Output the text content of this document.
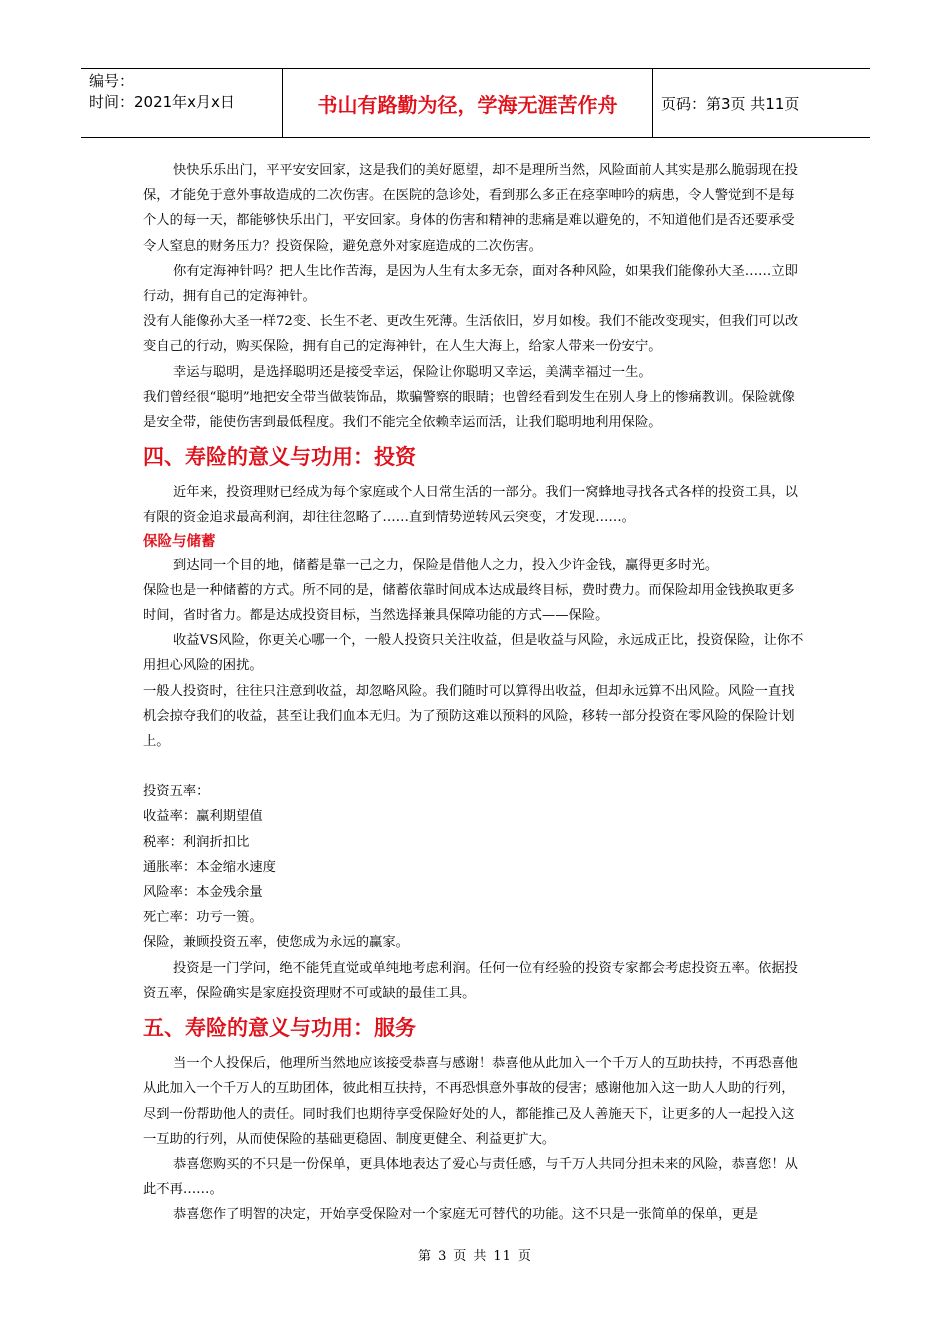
编号：
时间：2021年x月x日	书山有路勤为径，学海无涯苦作舟	页码：第3页 共11页

快快乐乐出门，平平安安回家，这是我们的美好愿望，却不是理所当然，风险面前人其实是那么脆弱现在投保，才能免于意外事故造成的二次伤害。在医院的急诊处，看到那么多正在痉挛呻吟的病患，令人警觉到不是每个人的每一天，都能够快乐出门，平安回家。身体的伤害和精神的悲痛是难以避免的，不知道他们是否还要承受令人窒息的财务压力？投资保险，避免意外对家庭造成的二次伤害。

你有定海神针吗？把人生比作苦海，是因为人生有太多无奈，面对各种风险，如果我们能像孙大圣……立即行动，拥有自己的定海神针。

没有人能像孙大圣一样72变、长生不老、更改生死薄。生活依旧，岁月如梭。我们不能改变现实，但我们可以改变自己的行动，购买保险，拥有自己的定海神针，在人生大海上，给家人带来一份安宁。

幸运与聪明，是选择聪明还是接受幸运，保险让你聪明又幸运，美满幸福过一生。

我们曾经很“聪明”地把安全带当做装饰品，欺骗警察的眼睛；也曾经看到发生在别人身上的惨痛教训。保险就像是安全带，能使伤害到最低程度。我们不能完全依赖幸运而活，让我们聪明地利用保险。

四、寿险的意义与功用：投资

近年来，投资理财已经成为每个家庭或个人日常生活的一部分。我们一窝蜂地寻找各式各样的投资工具，以有限的资金追求最高利润，却往往忽略了……直到情势逆转风云突变，才发现……。

保险与储蓄

到达同一个目的地，储蓄是靠一己之力，保险是借他人之力，投入少许金钱，赢得更多时光。

保险也是一种储蓄的方式。所不同的是，储蓄依靠时间成本达成最终目标，费时费力。而保险却用金钱换取更多时间，省时省力。都是达成投资目标，当然选择兼具保障功能的方式——保险。

收益VS风险，你更关心哪一个，一般人投资只关注收益，但是收益与风险，永远成正比，投资保险，让你不用担心风险的困扰。

一般人投资时，往往只注意到收益，却忽略风险。我们随时可以算得出收益，但却永远算不出风险。风险一直找机会掠夺我们的收益，甚至让我们血本无归。为了预防这难以预料的风险，移转一部分投资在零风险的保险计划上。

投资五率：

收益率：赢利期望值

税率：利润折扣比

通胀率：本金缩水速度

风险率：本金残余量

死亡率：功亏一篑。

保险，兼顾投资五率，使您成为永远的赢家。

投资是一门学问，绝不能凭直觉或单纯地考虑利润。任何一位有经验的投资专家都会考虑投资五率。依据投资五率，保险确实是家庭投资理财不可或缺的最佳工具。

五、寿险的意义与功用：服务

当一个人投保后，他理所当然地应该接受恭喜与感谢！恭喜他从此加入一个千万人的互助扶持，不再恐喜他从此加入一个千万人的互助团体，彼此相互扶持，不再恐惧意外事故的侵害；感谢他加入这一助人人助的行列，尽到一份帮助他人的责任。同时我们也期待享受保险好处的人，都能推己及人善施天下，让更多的人一起投入这一互助的行列，从而使保险的基础更稳固、制度更健全、利益更扩大。

恭喜您购买的不只是一份保单，更具体地表达了爱心与责任感，与千万人共同分担未来的风险，恭喜您！从此不再……。

恭喜您作了明智的决定，开始享受保险对一个家庭无可替代的功能。这不只是一张简单的保单，更是

第 3 页 共 11 页
